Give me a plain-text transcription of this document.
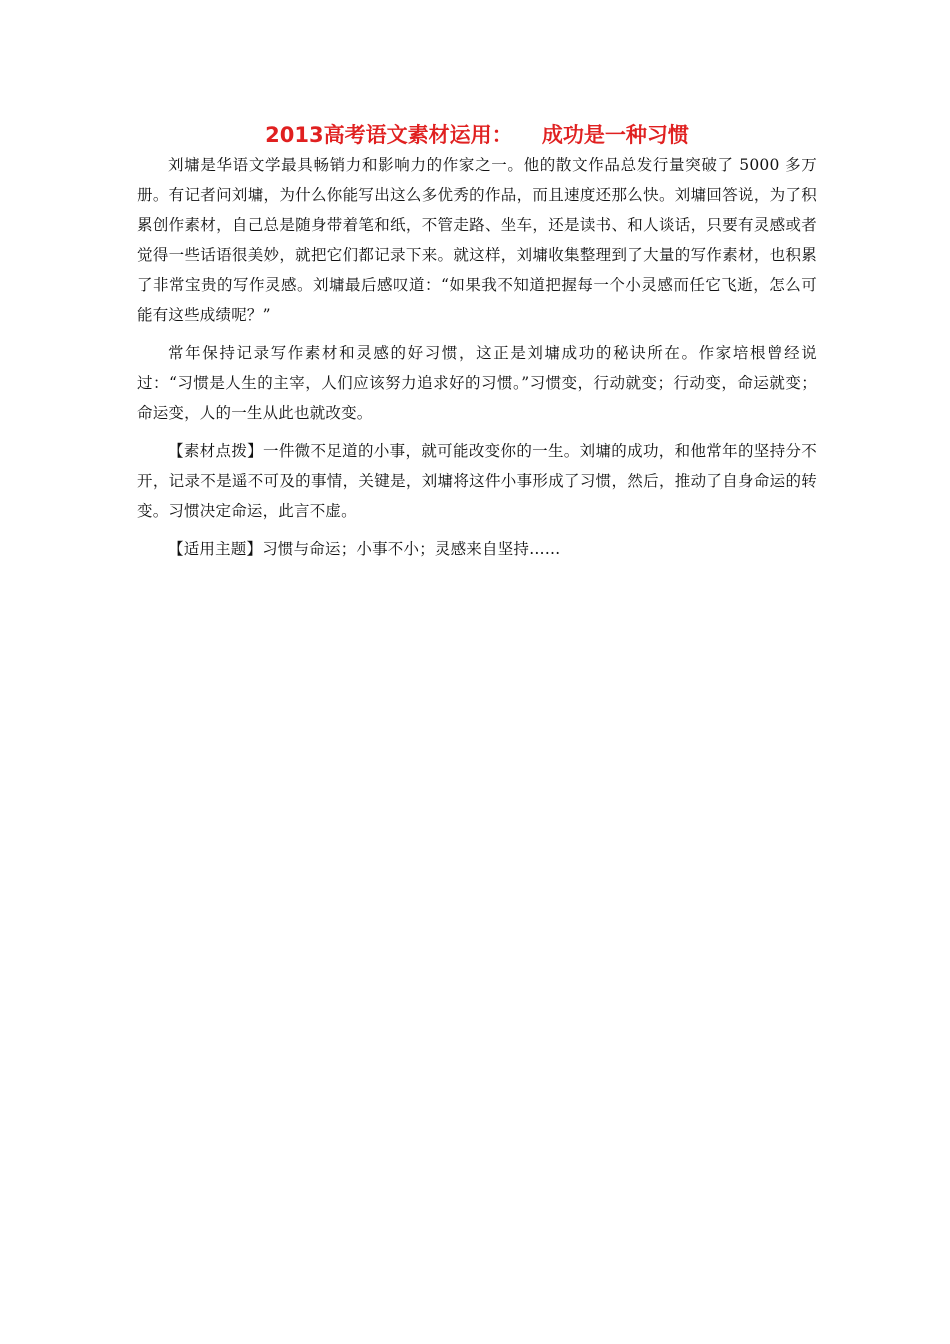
2013高考语文素材运用： 成功是一种习惯

刘墉是华语文学最具畅销力和影响力的作家之一。他的散文作品总发行量突破了 5000 多万册。有记者问刘墉，为什么你能写出这么多优秀的作品，而且速度还那么快。刘墉回答说，为了积累创作素材，自己总是随身带着笔和纸，不管走路、坐车，还是读书、和人谈话，只要有灵感或者觉得一些话语很美妙，就把它们都记录下来。就这样，刘墉收集整理到了大量的写作素材，也积累了非常宝贵的写作灵感。刘墉最后感叹道：“如果我不知道把握每一个小灵感而任它飞逝，怎么可能有这些成绩呢？”

常年保持记录写作素材和灵感的好习惯，这正是刘墉成功的秘诀所在。作家培根曾经说过：“习惯是人生的主宰，人们应该努力追求好的习惯。”习惯变，行动就变；行动变，命运就变；命运变，人的一生从此也就改变。

【素材点拨】一件微不足道的小事，就可能改变你的一生。刘墉的成功，和他常年的坚持分不开，记录不是遥不可及的事情，关键是，刘墉将这件小事形成了习惯，然后，推动了自身命运的转变。习惯决定命运，此言不虚。

【适用主题】习惯与命运；小事不小；灵感来自坚持……
